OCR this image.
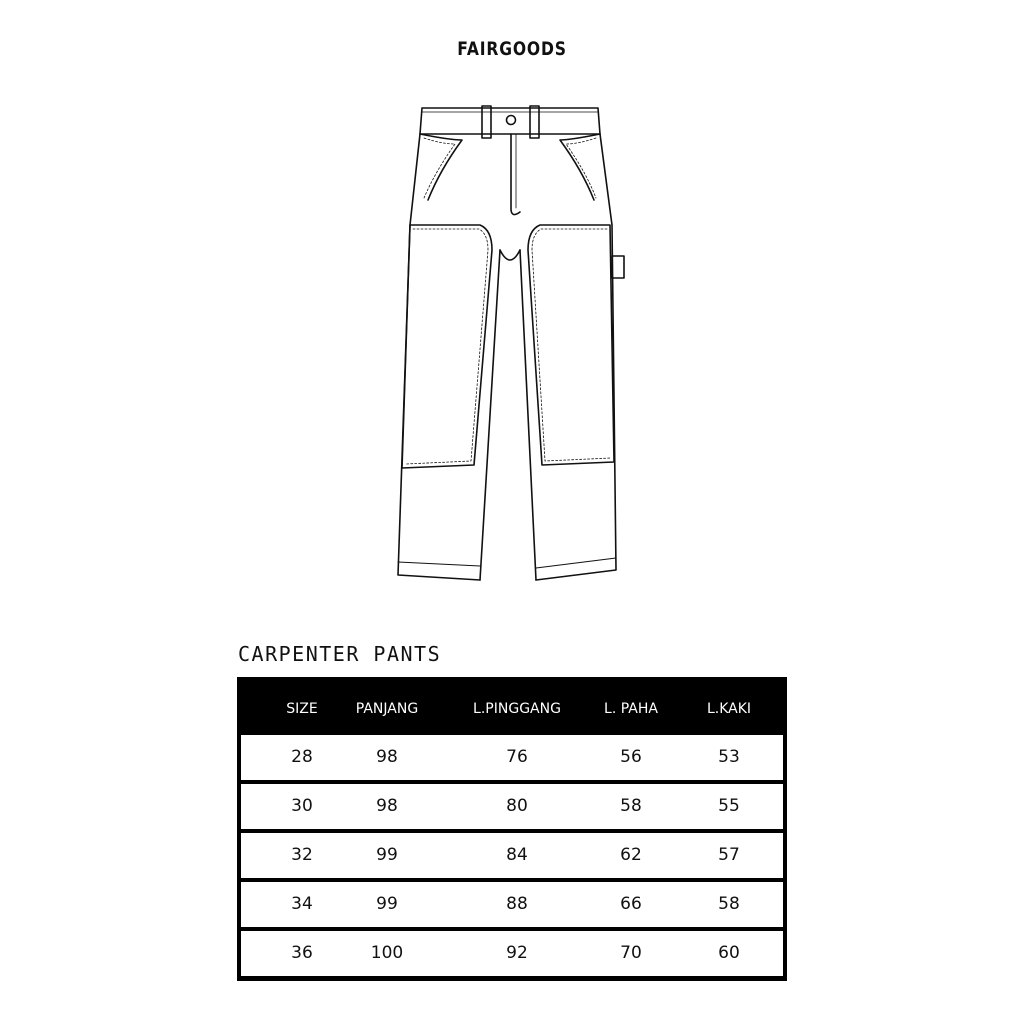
FAIRGOODS
CARPENTER PANTS
SIZE	PANJANG	L.PINGGANG	L. PAHA	L.KAKI
28	98	76	56	53
30	98	80	58	55
32	99	84	62	57
34	99	88	66	58
36	100	92	70	60
